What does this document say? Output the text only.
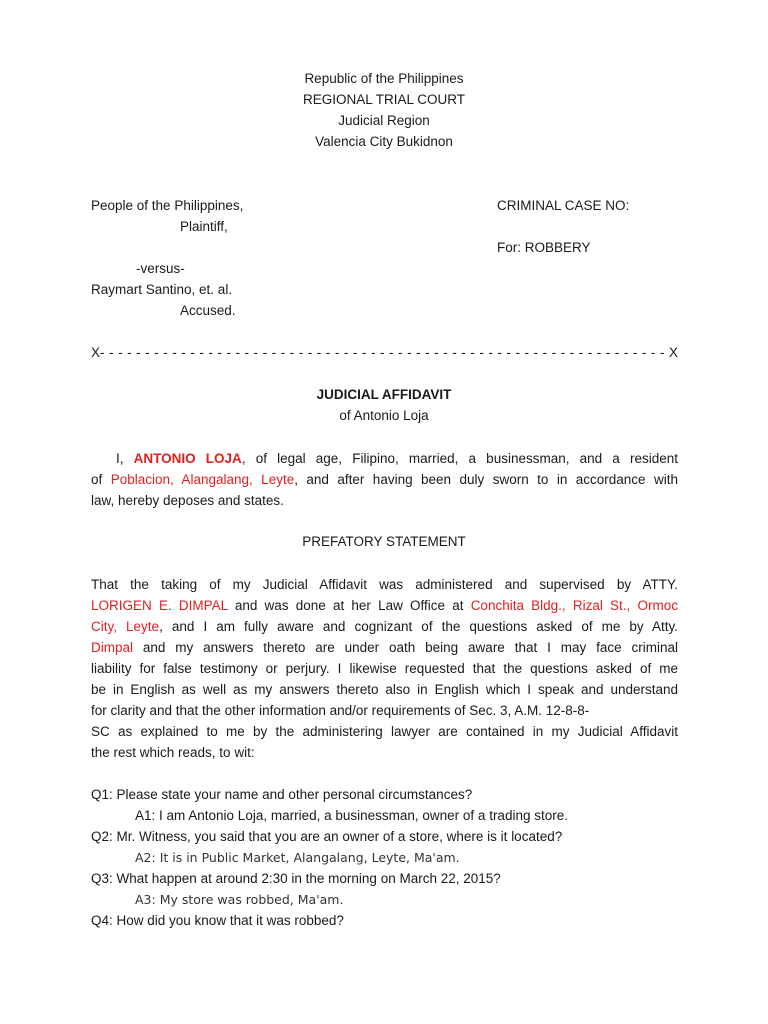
Republic of the Philippines
REGIONAL TRIAL COURT
Judicial Region
Valencia City Bukidnon
People of the Philippines,
Plaintiff,
-versus-
Raymart Santino, et. al.
Accused.
CRIMINAL CASE NO:
For: ROBBERY
X- - - - - - - - - - - - - - - - - - - - - - - - - - - - - - - - - - - - - - - - - - - - - - - - - - - - - - - - - - - - - - - X
JUDICIAL AFFIDAVIT
of Antonio Loja
I, ANTONIO LOJA, of legal age, Filipino, married, a businessman, and a resident
of Poblacion, Alangalang, Leyte, and after having been duly sworn to in accordance with
law, hereby deposes and states.
PREFATORY STATEMENT
That the taking of my Judicial Affidavit was administered and supervised by ATTY.
LORIGEN E. DIMPAL and was done at her Law Office at Conchita Bldg., Rizal St., Ormoc
City, Leyte, and I am fully aware and cognizant of the questions asked of me by Atty.
Dimpal and my answers thereto are under oath being aware that I may face criminal
liability for false testimony or perjury. I likewise requested that the questions asked of me
be in English as well as my answers thereto also in English which I speak and understand
for clarity and that the other information and/or requirements of Sec. 3, A.M. 12-8-8-
SC as explained to me by the administering lawyer are contained in my Judicial Affidavit
the rest which reads, to wit:
Q1: Please state your name and other personal circumstances?
A1: I am Antonio Loja, married, a businessman, owner of a trading store.
Q2: Mr. Witness, you said that you are an owner of a store, where is it located?
A2: It is in Public Market, Alangalang, Leyte, Ma'am.
Q3: What happen at around 2:30 in the morning on March 22, 2015?
A3: My store was robbed, Ma'am.
Q4: How did you know that it was robbed?
